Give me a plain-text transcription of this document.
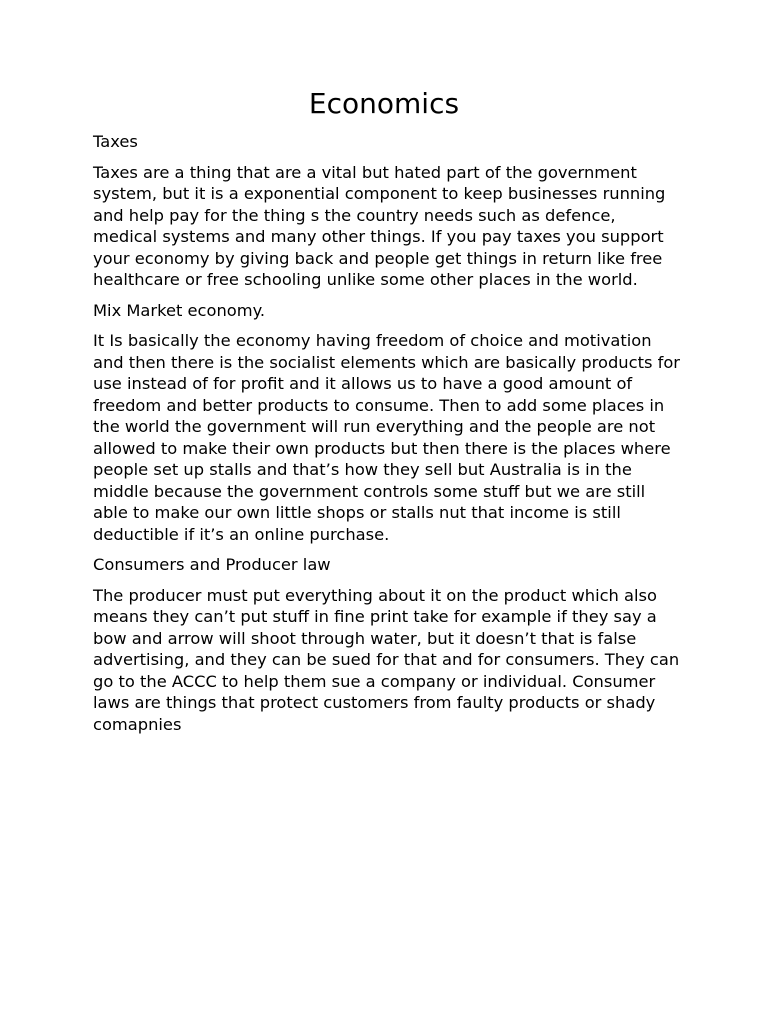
Economics

Taxes

Taxes are a thing that are a vital but hated part of the government system, but it is a exponential component to keep businesses running and help pay for the thing s the country needs such as defence, medical systems and many other things. If you pay taxes you support your economy by giving back and people get things in return like free healthcare or free schooling unlike some other places in the world.

Mix Market economy.

It Is basically the economy having freedom of choice and motivation and then there is the socialist elements which are basically products for use instead of for profit and it allows us to have a good amount of freedom and better products to consume. Then to add some places in the world the government will run everything and the people are not allowed to make their own products but then there is the places where people set up stalls and that’s how they sell but Australia is in the middle because the government controls some stuff but we are still able to make our own little shops or stalls nut that income is still deductible if it’s an online purchase.

Consumers and Producer law

The producer must put everything about it on the product which also means they can’t put stuff in fine print take for example if they say a bow and arrow will shoot through water, but it doesn’t that is false advertising, and they can be sued for that and for consumers. They can go to the ACCC to help them sue a company or individual. Consumer laws are things that protect customers from faulty products or shady comapnies
